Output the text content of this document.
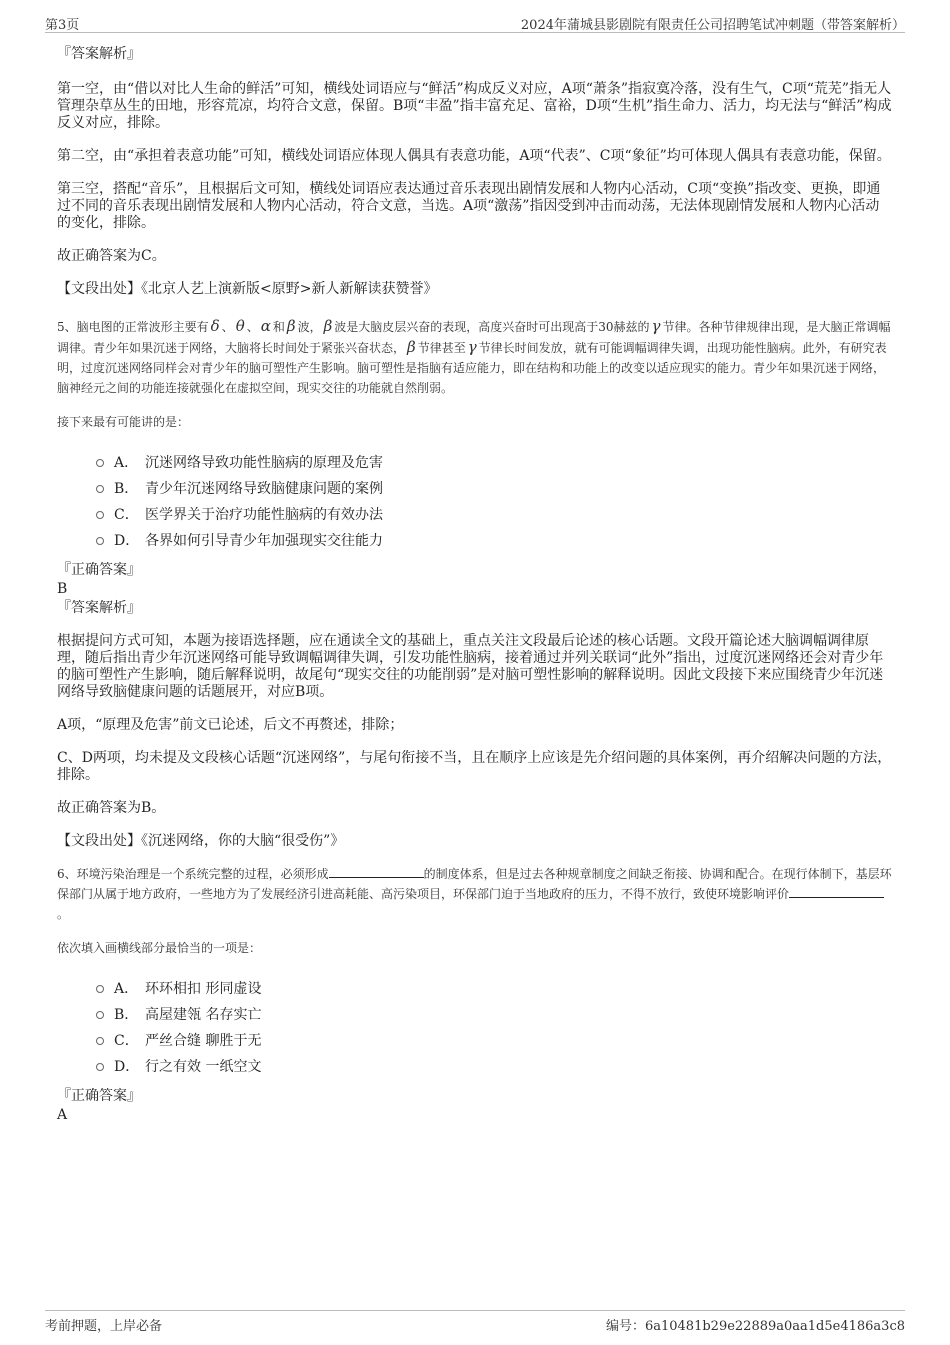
第3页	2024年蒲城县影剧院有限责任公司招聘笔试冲刺题（带答案解析）

『答案解析』

第一空，由“借以对比人生命的鲜活”可知，横线处词语应与“鲜活”构成反义对应，A项“萧条”指寂寞冷落，没有生气，C项“荒芜”指无人管理杂草丛生的田地，形容荒凉，均符合文意，保留。B项“丰盈”指丰富充足、富裕，D项“生机”指生命力、活力，均无法与“鲜活”构成反义对应，排除。

第二空，由“承担着表意功能”可知，横线处词语应体现人偶具有表意功能，A项“代表”、C项“象征”均可体现人偶具有表意功能，保留。

第三空，搭配“音乐”，且根据后文可知，横线处词语应表达通过音乐表现出剧情发展和人物内心活动，C项“变换”指改变、更换，即通过不同的音乐表现出剧情发展和人物内心活动，符合文意，当选。A项“激荡”指因受到冲击而动荡，无法体现剧情发展和人物内心活动的变化，排除。

故正确答案为C。

【文段出处】《北京人艺上演新版<原野>新人新解读获赞誉》

5、脑电图的正常波形主要有 δ 、 θ 、 α 和 β 波， β 波是大脑皮层兴奋的表现，高度兴奋时可出现高于30赫兹的 γ 节律。各种节律规律出现，是大脑正常调幅调律。青少年如果沉迷于网络，大脑将长时间处于紧张兴奋状态， β 节律甚至 γ 节律长时间发放，就有可能调幅调律失调，出现功能性脑病。此外，有研究表明，过度沉迷网络同样会对青少年的脑可塑性产生影响。脑可塑性是指脑有适应能力，即在结构和功能上的改变以适应现实的能力。青少年如果沉迷于网络，脑神经元之间的功能连接就强化在虚拟空间，现实交往的功能就自然削弱。

接下来最有可能讲的是：

A． 沉迷网络导致功能性脑病的原理及危害
B． 青少年沉迷网络导致脑健康问题的案例
C． 医学界关于治疗功能性脑病的有效办法
D． 各界如何引导青少年加强现实交往能力

『正确答案』

B

『答案解析』

根据提问方式可知，本题为接语选择题，应在通读全文的基础上，重点关注文段最后论述的核心话题。文段开篇论述大脑调幅调律原理，随后指出青少年沉迷网络可能导致调幅调律失调，引发功能性脑病，接着通过并列关联词“此外”指出，过度沉迷网络还会对青少年的脑可塑性产生影响，随后解释说明，故尾句“现实交往的功能削弱”是对脑可塑性影响的解释说明。因此文段接下来应围绕青少年沉迷网络导致脑健康问题的话题展开，对应B项。

A项，“原理及危害”前文已论述，后文不再赘述，排除；

C、D两项，均未提及文段核心话题“沉迷网络”，与尾句衔接不当，且在顺序上应该是先介绍问题的具体案例，再介绍解决问题的方法，排除。

故正确答案为B。

【文段出处】《沉迷网络，你的大脑“很受伤”》

6、环境污染治理是一个系统完整的过程，必须形成	的制度体系，但是过去各种规章制度之间缺乏衔接、协调和配合。在现行体制下，基层环保部门从属于地方政府，一些地方为了发展经济引进高耗能、高污染项目，环保部门迫于当地政府的压力，不得不放行，致使环境影响评价。

依次填入画横线部分最恰当的一项是：

A． 环环相扣 形同虚设
B． 高屋建瓴 名存实亡
C． 严丝合缝 聊胜于无
D． 行之有效 一纸空文

『正确答案』

A

考前押题，上岸必备	编号：6a10481b29e22889a0aa1d5e4186a3c8
